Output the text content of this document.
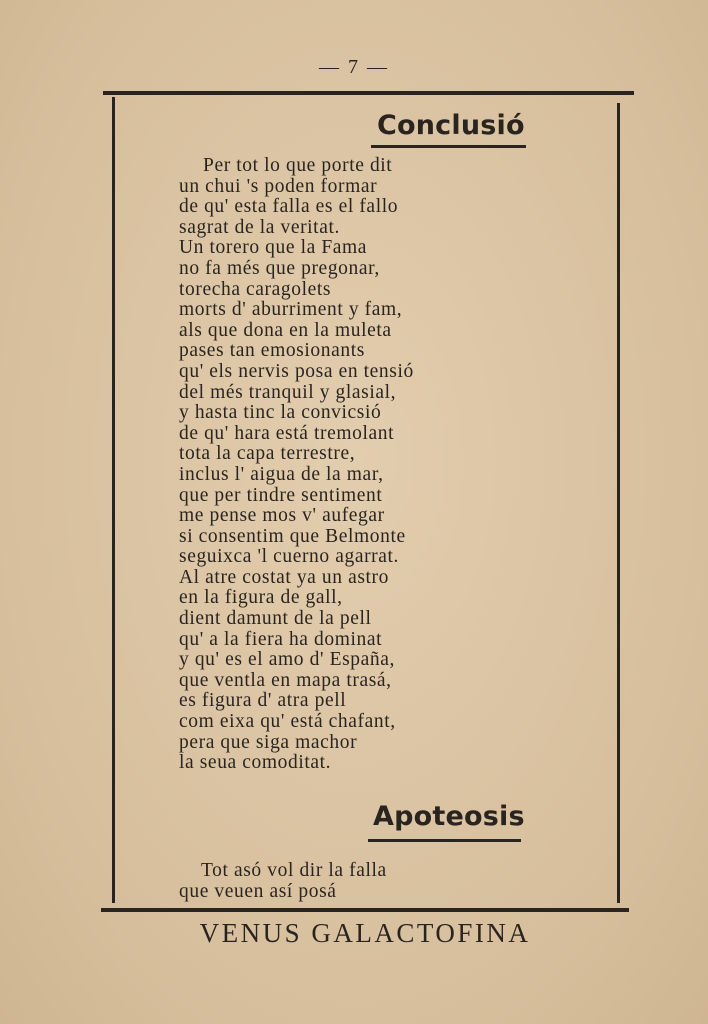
— 7 —
Conclusió
Per tot lo que porte dit
un chui 's poden formar
de qu' esta falla es el fallo
sagrat de la veritat.
Un torero que la Fama
no fa més que pregonar,
torecha caragolets
morts d' aburriment y fam,
als que dona en la muleta
pases tan emosionants
qu' els nervis posa en tensió
del més tranquil y glasial,
y hasta tinc la convicsió
de qu' hara está tremolant
tota la capa terrestre,
inclus l' aigua de la mar,
que per tindre sentiment
me pense mos v' aufegar
si consentim que Belmonte
seguixca 'l cuerno agarrat.
Al atre costat ya un astro
en la figura de gall,
dient damunt de la pell
qu' a la fiera ha dominat
y qu' es el amo d' España,
que ventla en mapa trasá,
es figura d' atra pell
com eixa qu' está chafant,
pera que siga machor
la seua comoditat.
Apoteosis
Tot asó vol dir la falla
que veuen así posá
VENUS GALACTOFINA
